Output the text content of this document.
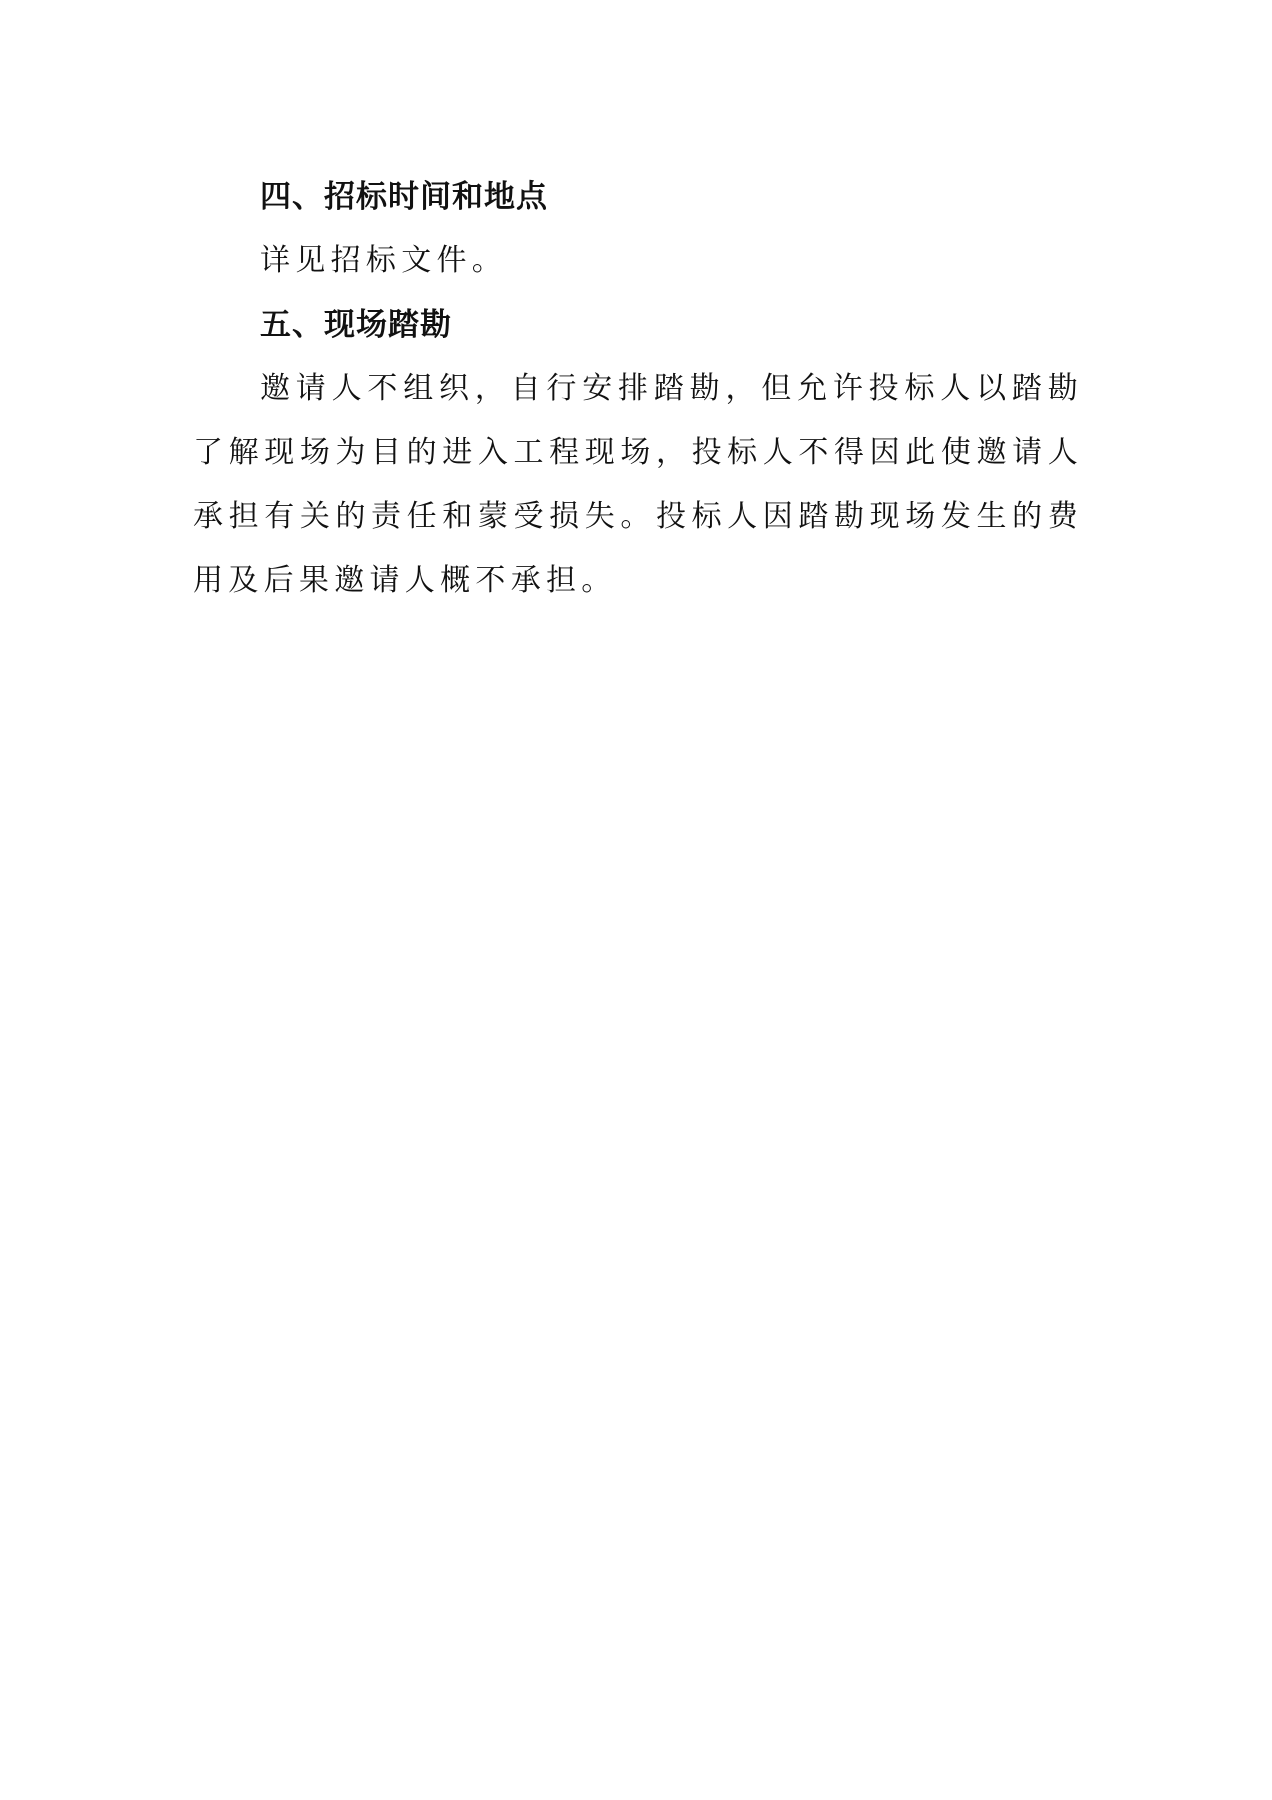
四、招标时间和地点

详见招标文件。

五、现场踏勘

邀请人不组织，自行安排踏勘，但允许投标人以踏勘了解现场为目的进入工程现场，投标人不得因此使邀请人承担有关的责任和蒙受损失。投标人因踏勘现场发生的费用及后果邀请人概不承担。
